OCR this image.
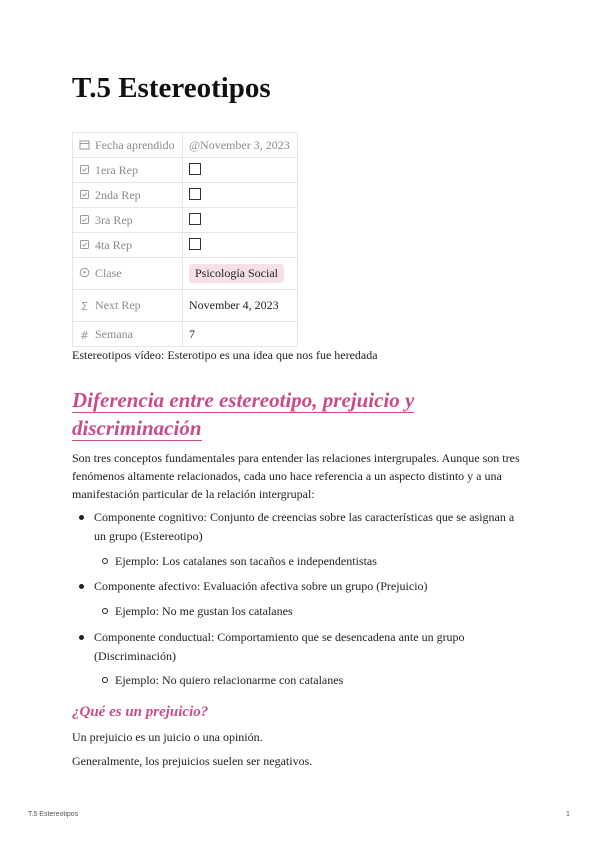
T.5 Estereotipos
Fecha aprendido	@November 3, 2023
1era Rep	
2nda Rep	
3ra Rep	
4ta Rep	
Clase	Psicología Social
Σ Next Rep	November 4, 2023
# Semana	7

Estereotipos vídeo: Esterotipo es una idea que nos fue heredada

Diferencia entre estereotipo, prejuicio y discriminación

Son tres conceptos fundamentales para entender las relaciones intergrupales. Aunque son tres fenómenos altamente relacionados, cada uno hace referencia a un aspecto distinto y a una manifestación particular de la relación intergrupal:

Componente cognitivo: Conjunto de creencias sobre las características que se asignan a un grupo (Estereotipo)
Ejemplo: Los catalanes son tacaños e independentistas
Componente afectivo: Evaluación afectiva sobre un grupo (Prejuicio)
Ejemplo: No me gustan los catalanes
Componente conductual: Comportamiento que se desencadena ante un grupo (Discriminación)
Ejemplo: No quiero relacionarme con catalanes
¿Qué es un prejuicio?

Un prejuicio es un juicio o una opinión.

Generalmente, los prejuicios suelen ser negativos.

T.5 Estereotipos	1
